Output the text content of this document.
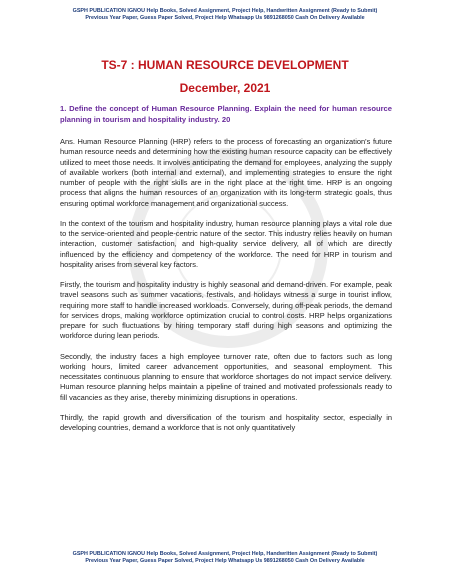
GSPH PUBLICATION IGNOU Help Books, Solved Assignment, Project Help, Handwritten Assignment (Ready to Submit)
Previous Year Paper, Guess Paper Solved, Project Help Whatsapp Us 9891268050 Cash On Delivery Available
TS-7 : HUMAN RESOURCE DEVELOPMENT
December, 2021
1. Define the concept of Human Resource Planning. Explain the need for human resource planning in tourism and hospitality industry. 20

Ans. Human Resource Planning (HRP) refers to the process of forecasting an organization's future human resource needs and determining how the existing human resource capacity can be effectively utilized to meet those needs. It involves anticipating the demand for employees, analyzing the supply of available workers (both internal and external), and implementing strategies to ensure the right number of people with the right skills are in the right place at the right time. HRP is an ongoing process that aligns the human resources of an organization with its long-term strategic goals, thus ensuring optimal workforce management and organizational success.

In the context of the tourism and hospitality industry, human resource planning plays a vital role due to the service-oriented and people-centric nature of the sector. This industry relies heavily on human interaction, customer satisfaction, and high-quality service delivery, all of which are directly influenced by the efficiency and competency of the workforce. The need for HRP in tourism and hospitality arises from several key factors.

Firstly, the tourism and hospitality industry is highly seasonal and demand-driven. For example, peak travel seasons such as summer vacations, festivals, and holidays witness a surge in tourist inflow, requiring more staff to handle increased workloads. Conversely, during off-peak periods, the demand for services drops, making workforce optimization crucial to control costs. HRP helps organizations prepare for such fluctuations by hiring temporary staff during high seasons and optimizing the workforce during lean periods.

Secondly, the industry faces a high employee turnover rate, often due to factors such as long working hours, limited career advancement opportunities, and seasonal employment. This necessitates continuous planning to ensure that workforce shortages do not impact service delivery. Human resource planning helps maintain a pipeline of trained and motivated professionals ready to fill vacancies as they arise, thereby minimizing disruptions in operations.

Thirdly, the rapid growth and diversification of the tourism and hospitality sector, especially in developing countries, demand a workforce that is not only quantitatively

GSPH PUBLICATION IGNOU Help Books, Solved Assignment, Project Help, Handwritten Assignment (Ready to Submit)
Previous Year Paper, Guess Paper Solved, Project Help Whatsapp Us 9891268050 Cash On Delivery Available
